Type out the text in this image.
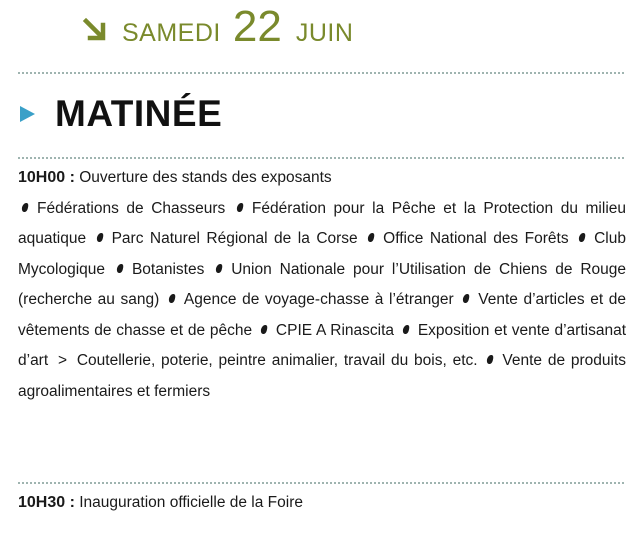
SAMEDI 22 JUIN
MATINÉE
10H00 : Ouverture des stands des exposants
Fédérations de Chasseurs Fédération pour la Pêche et la Protection du milieu aquatique Parc Naturel Régional de la Corse Office National des Forêts Club Mycologique Botanistes Union Nationale pour l’Utilisation de Chiens de Rouge (recherche au sang) Agence de voyage-chasse à l’étranger Vente d’articles et de vêtements de chasse et de pêche CPIE A Rinascita Exposition et vente d’artisanat d’art > Coutellerie, poterie, peintre animalier, travail du bois, etc. Vente de produits agroalimentaires et fermiers
10H30 : Inauguration officielle de la Foire
